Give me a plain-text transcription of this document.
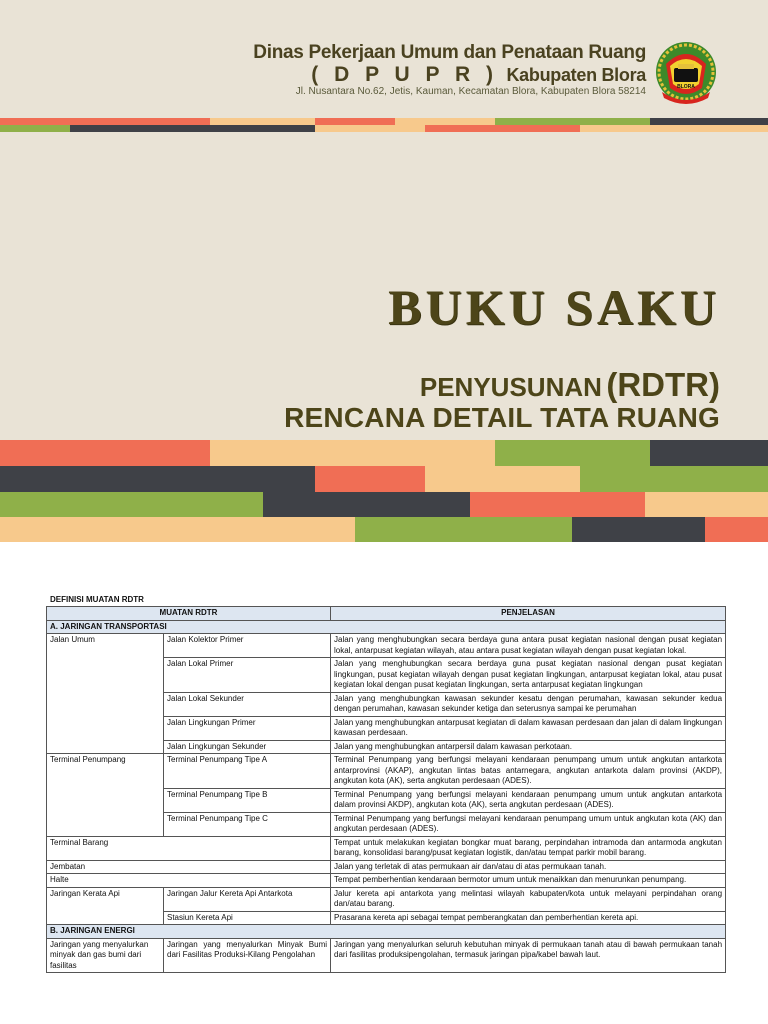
Dinas Pekerjaan Umum dan Penataan Ruang
( D P U P R ) Kabupaten Blora
Jl. Nusantara No.62, Jetis, Kauman, Kecamatan Blora, Kabupaten Blora 58214	BLORA
BUKU SAKU
PENYUSUNAN (RDTR)
RENCANA DETAIL TATA RUANG
DEFINISI MUATAN RDTR
MUATAN RDTR		PENJELASAN
A. JARINGAN TRANSPORTASI		
Jalan Umum	Jalan Kolektor Primer	Jalan yang menghubungkan secara berdaya guna antara pusat kegiatan nasional dengan pusat kegiatan lokal, antarpusat kegiatan wilayah, atau antara pusat kegiatan wilayah dengan pusat kegiatan lokal.
	Jalan Lokal Primer	Jalan yang menghubungkan secara berdaya guna pusat kegiatan nasional dengan pusat kegiatan lingkungan, pusat kegiatan wilayah dengan pusat kegiatan lingkungan, antarpusat kegiatan lokal, atau pusat kegiatan lokal dengan pusat kegiatan lingkungan, serta antarpusat kegiatan lingkungan
	Jalan Lokal Sekunder	Jalan yang menghubungkan kawasan sekunder kesatu dengan perumahan, kawasan sekunder kedua dengan perumahan, kawasan sekunder ketiga dan seterusnya sampai ke perumahan
	Jalan Lingkungan Primer	Jalan yang menghubungkan antarpusat kegiatan di dalam kawasan perdesaan dan jalan di dalam lingkungan kawasan perdesaan.
	Jalan Lingkungan Sekunder	Jalan yang menghubungkan antarpersil dalam kawasan perkotaan.
Terminal Penumpang	Terminal Penumpang Tipe A	Terminal Penumpang yang berfungsi melayani kendaraan penumpang umum untuk angkutan antarkota antarprovinsi (AKAP), angkutan lintas batas antarnegara, angkutan antarkota dalam provinsi (AKDP), angkutan kota (AK), serta angkutan perdesaan (ADES).
	Terminal Penumpang Tipe B	Terminal Penumpang yang berfungsi melayani kendaraan penumpang umum untuk angkutan antarkota dalam provinsi AKDP), angkutan kota (AK), serta angkutan perdesaan (ADES).
	Terminal Penumpang Tipe C	Terminal Penumpang yang berfungsi melayani kendaraan penumpang umum untuk angkutan kota (AK) dan angkutan perdesaan (ADES).
Terminal Barang		Tempat untuk melakukan kegiatan bongkar muat barang, perpindahan intramoda dan antarmoda angkutan barang, konsolidasi barang/pusat kegiatan logistik, dan/atau tempat parkir mobil barang.
Jembatan		Jalan yang terletak di atas permukaan air dan/atau di atas permukaan tanah.
Halte		Tempat pemberhentian kendaraan bermotor umum untuk menaikkan dan menurunkan penumpang.
Jaringan Kerata Api	Jaringan Jalur Kereta Api Antarkota	Jalur kereta api antarkota yang melintasi wilayah kabupaten/kota untuk melayani perpindahan orang dan/atau barang.
	Stasiun Kereta Api	Prasarana kereta api sebagai tempat pemberangkatan dan pemberhentian kereta api.
B. JARINGAN ENERGI		
Jaringan yang menyalurkan minyak dan gas bumi dari fasilitas	Jaringan yang menyalurkan Minyak Bumi dari Fasilitas Produksi-Kilang Pengolahan	Jaringan yang menyalurkan seluruh kebutuhan minyak di permukaan tanah atau di bawah permukaan tanah dari fasilitas produksipengolahan, termasuk jaringan pipa/kabel bawah laut.
